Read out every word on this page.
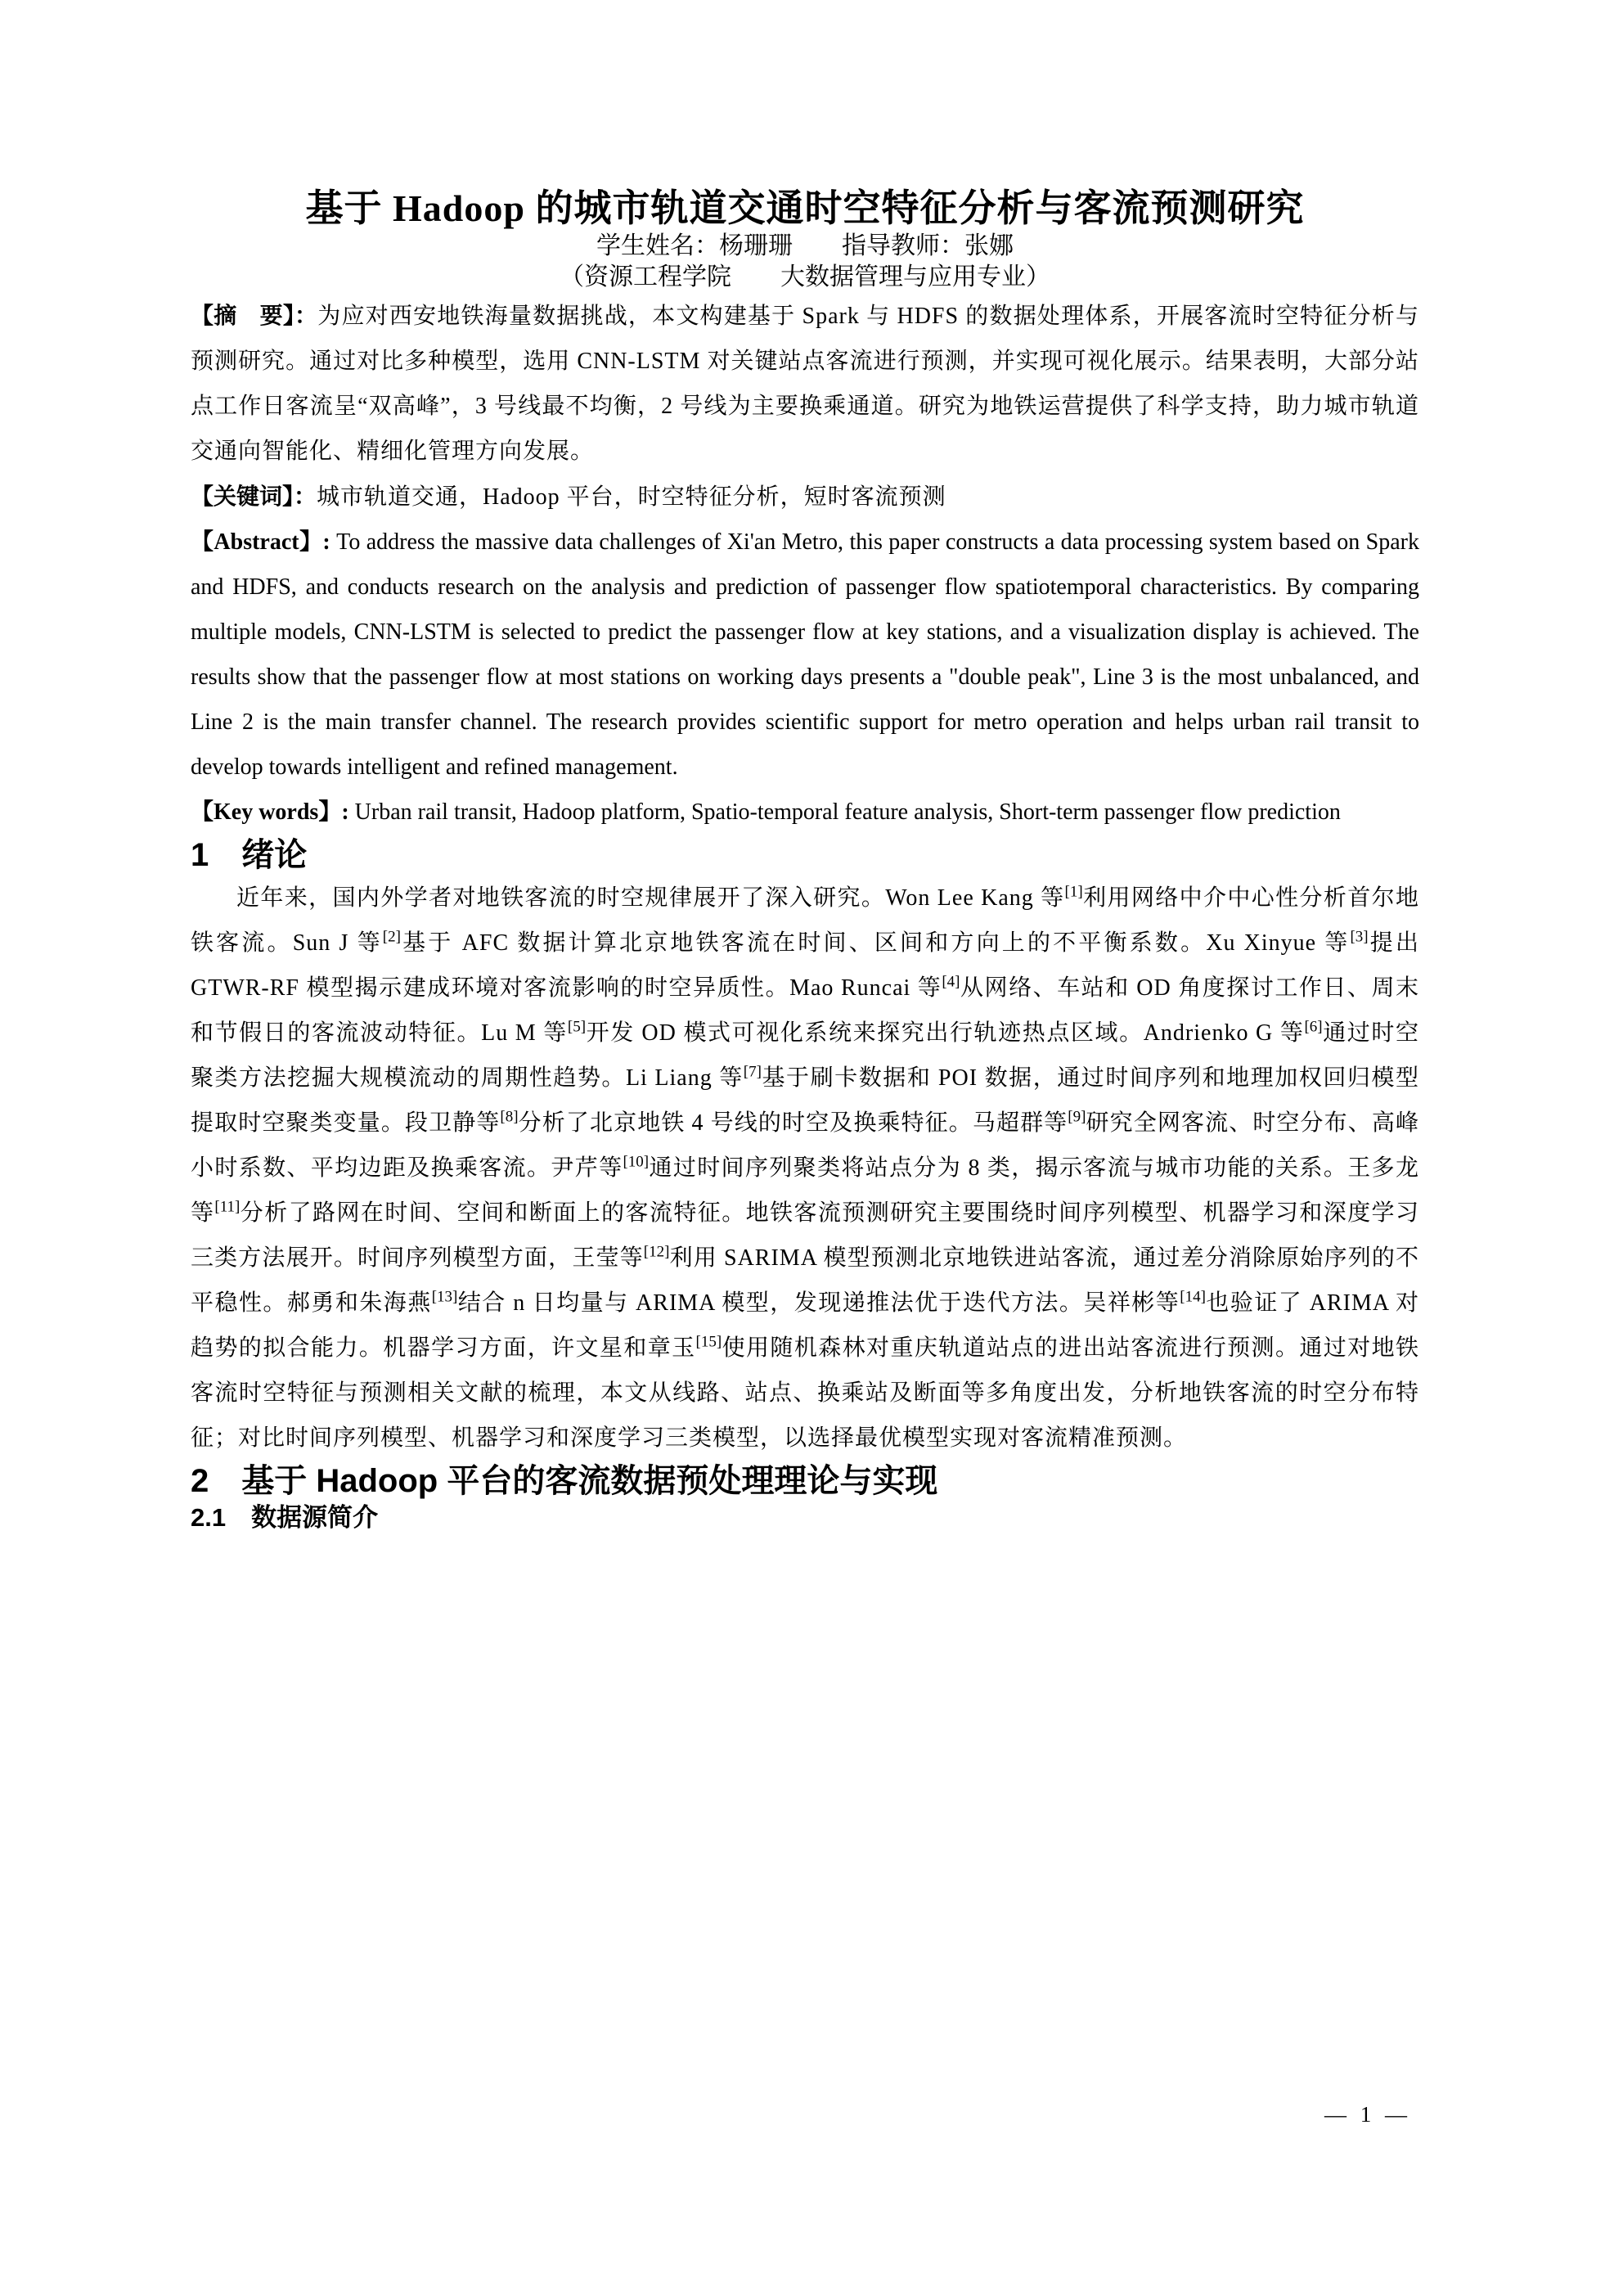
基于 Hadoop 的城市轨道交通时空特征分析与客流预测研究
学生姓名：杨珊珊　　指导教师：张娜
（资源工程学院　　大数据管理与应用专业）

【摘　要】：为应对西安地铁海量数据挑战，本文构建基于 Spark 与 HDFS 的数据处理体系，开展客流时空特征分析与预测研究。通过对比多种模型，选用 CNN-LSTM 对关键站点客流进行预测，并实现可视化展示。结果表明，大部分站点工作日客流呈“双高峰”，3 号线最不均衡，2 号线为主要换乘通道。研究为地铁运营提供了科学支持，助力城市轨道交通向智能化、精细化管理方向发展。

【关键词】：城市轨道交通，Hadoop 平台，时空特征分析，短时客流预测

【Abstract】: To address the massive data challenges of Xi'an Metro, this paper constructs a data processing system based on Spark and HDFS, and conducts research on the analysis and prediction of passenger flow spatiotemporal characteristics. By comparing multiple models, CNN-LSTM is selected to predict the passenger flow at key stations, and a visualization display is achieved. The results show that the passenger flow at most stations on working days presents a "double peak", Line 3 is the most unbalanced, and Line 2 is the main transfer channel. The research provides scientific support for metro operation and helps urban rail transit to develop towards intelligent and refined management.

【Key words】: Urban rail transit, Hadoop platform, Spatio-temporal feature analysis, Short-term passenger flow prediction

1　绪论

近年来，国内外学者对地铁客流的时空规律展开了深入研究。Won Lee Kang 等[1]利用网络中介中心性分析首尔地铁客流。Sun J 等[2]基于 AFC 数据计算北京地铁客流在时间、区间和方向上的不平衡系数。Xu Xinyue 等[3]提出 GTWR-RF 模型揭示建成环境对客流影响的时空异质性。Mao Runcai 等[4]从网络、车站和 OD 角度探讨工作日、周末和节假日的客流波动特征。Lu M 等[5]开发 OD 模式可视化系统来探究出行轨迹热点区域。Andrienko G 等[6]通过时空聚类方法挖掘大规模流动的周期性趋势。Li Liang 等[7]基于刷卡数据和 POI 数据，通过时间序列和地理加权回归模型提取时空聚类变量。段卫静等[8]分析了北京地铁 4 号线的时空及换乘特征。马超群等[9]研究全网客流、时空分布、高峰小时系数、平均边距及换乘客流。尹芹等[10]通过时间序列聚类将站点分为 8 类，揭示客流与城市功能的关系。王多龙等[11]分析了路网在时间、空间和断面上的客流特征。地铁客流预测研究主要围绕时间序列模型、机器学习和深度学习三类方法展开。时间序列模型方面，王莹等[12]利用 SARIMA 模型预测北京地铁进站客流，通过差分消除原始序列的不平稳性。郝勇和朱海燕[13]结合 n 日均量与 ARIMA 模型，发现递推法优于迭代方法。吴祥彬等[14]也验证了 ARIMA 对趋势的拟合能力。机器学习方面，许文星和章玉[15]使用随机森林对重庆轨道站点的进出站客流进行预测。通过对地铁客流时空特征与预测相关文献的梳理，本文从线路、站点、换乘站及断面等多角度出发，分析地铁客流的时空分布特征；对比时间序列模型、机器学习和深度学习三类模型，以选择最优模型实现对客流精准预测。

2　基于 Hadoop 平台的客流数据预处理理论与实现
2.1　数据源简介
— 1 —
